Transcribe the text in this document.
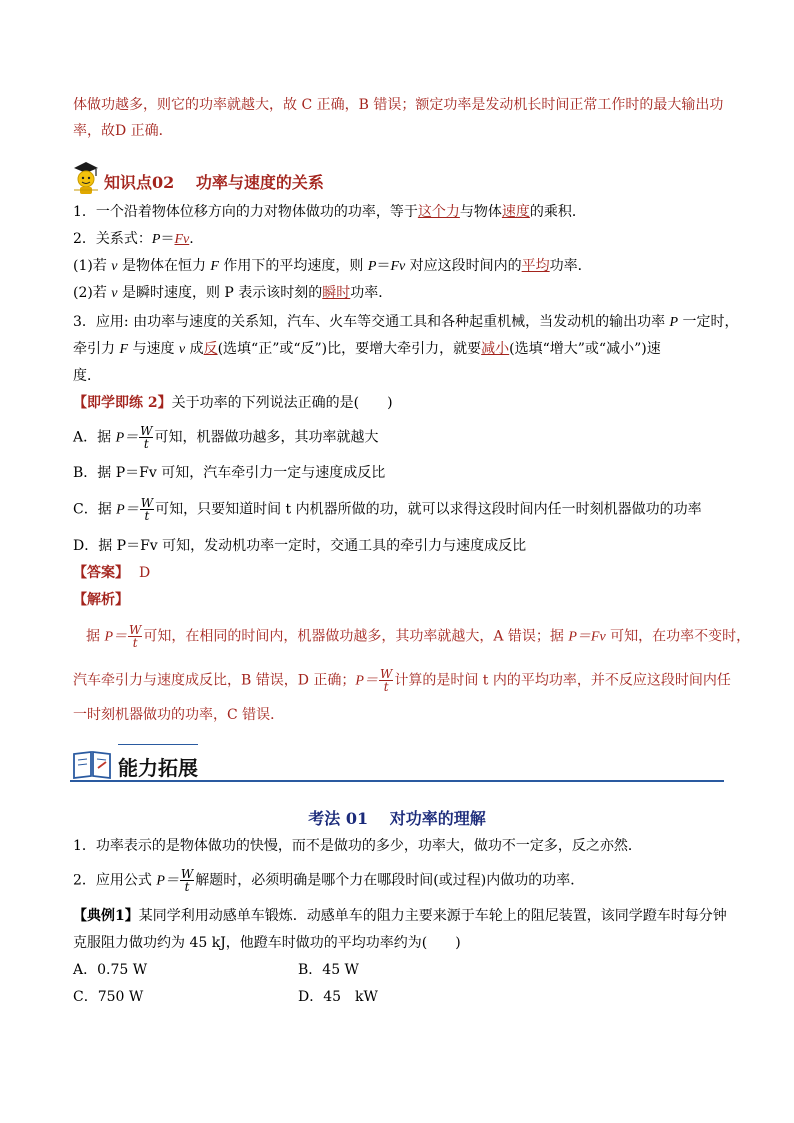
体做功越多，则它的功率就越大，故 C 正确，B 错误；额定功率是发动机长时间正常工作时的最大输出功
率，故D 正确．
知识点02　 功率与速度的关系
1．一个沿着物体位移方向的力对物体做功的功率，等于这个力与物体速度的乘积．
2．关系式：P＝Fv.
(1)若 v 是物体在恒力 F 作用下的平均速度，则 P＝Fv 对应这段时间内的平均功率．
(2)若 v 是瞬时速度，则 P 表示该时刻的瞬时功率．
3．应用: 由功率与速度的关系知，汽车、火车等交通工具和各种起重机械，当发动机的输出功率 P 一定时，
牵引力 F 与速度 v 成反(选填“正”或“反”)比，要增大牵引力，就要减小(选填“增大”或“减小”)速
度．
【即学即练 2】关于功率的下列说法正确的是(　　)
A．据 $P= \frac{W}{t}$ 可知，机器做功越多，其功率就越大
B．据 P＝Fv 可知，汽车牵引力一定与速度成反比
C．据 $P= \frac{W}{t}$ 可知，只要知道时间 t 内机器所做的功，就可以求得这段时间内任一时刻机器做功的功率
D．据 P＝Fv 可知，发动机功率一定时，交通工具的牵引力与速度成反比
【答案】 D
【解析】
据 $P= \frac{W}{t}$ 可知，在相同的时间内，机器做功越多，其功率就越大，A 错误；据 P＝Fv 可知，在功率不变时，
汽车牵引力与速度成反比，B 错误，D 正确；$P= \frac{W}{t}$ 计算的是时间 t 内的平均功率，并不反应这段时间内任
一时刻机器做功的功率，C 错误．
能力拓展
考法 01　 对功率的理解
1．功率表示的是物体做功的快慢，而不是做功的多少，功率大，做功不一定多，反之亦然．
2．应用公式 $P= \frac{W}{t}$ 解题时，必须明确是哪个力在哪段时间(或过程)内做功的功率．
【典例1】某同学利用动感单车锻炼．动感单车的阻力主要来源于车轮上的阻尼装置，该同学蹬车时每分钟
克服阻力做功约为 45 kJ，他蹬车时做功的平均功率约为(　　)
A．0.75 W	B．45 W
C．750 W	D．45　kW
